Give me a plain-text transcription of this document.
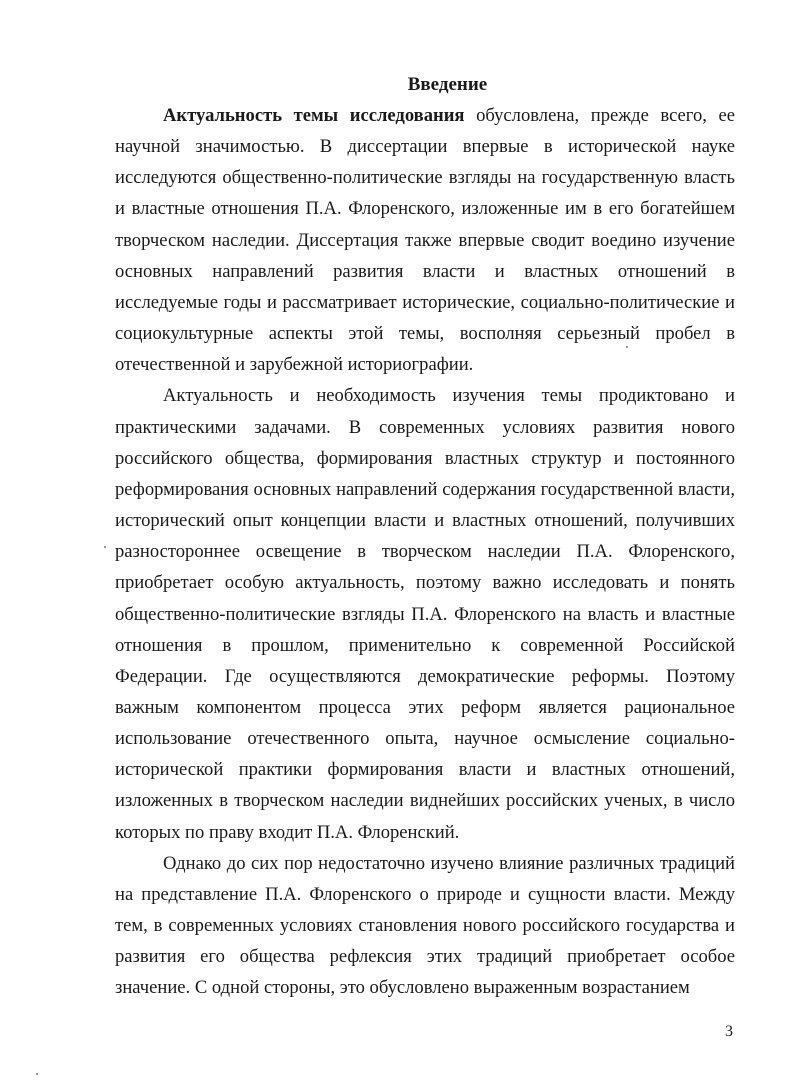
Введение

Актуальность темы исследования обусловлена, прежде всего, ее научной значимостью. В диссертации впервые в исторической науке исследуются общественно-политические взгляды на государственную власть и властные отношения П.А. Флоренского, изложенные им в его богатейшем творческом наследии. Диссертация также впервые сводит воедино изучение основных направлений развития власти и властных отношений в исследуемые годы и рассматривает исторические, социально-политические и социокультурные аспекты этой темы, восполняя серьезный пробел в отечественной и зарубежной историографии.

Актуальность и необходимость изучения темы продиктовано и практическими задачами. В современных условиях развития нового российского общества, формирования властных структур и постоянного реформирования основных направлений содержания государственной власти, исторический опыт концепции власти и властных отношений, получивших разностороннее освещение в творческом наследии П.А. Флоренского, приобретает особую актуальность, поэтому важно исследовать и понять общественно-политические взгляды П.А. Флоренского на власть и властные отношения в прошлом, применительно к современной Российской Федерации. Где осуществляются демократические реформы. Поэтому важным компонентом процесса этих реформ является рациональное использование отечественного опыта, научное осмысление социально-исторической практики формирования власти и властных отношений, изложенных в творческом наследии виднейших российских ученых, в число которых по праву входит П.А. Флоренский.

Однако до сих пор недостаточно изучено влияние различных традиций на представление П.А. Флоренского о природе и сущности власти. Между тем, в современных условиях становления нового российского государства и развития его общества рефлексия этих традиций приобретает особое значение. С одной стороны, это обусловлено выраженным возрастанием

3
